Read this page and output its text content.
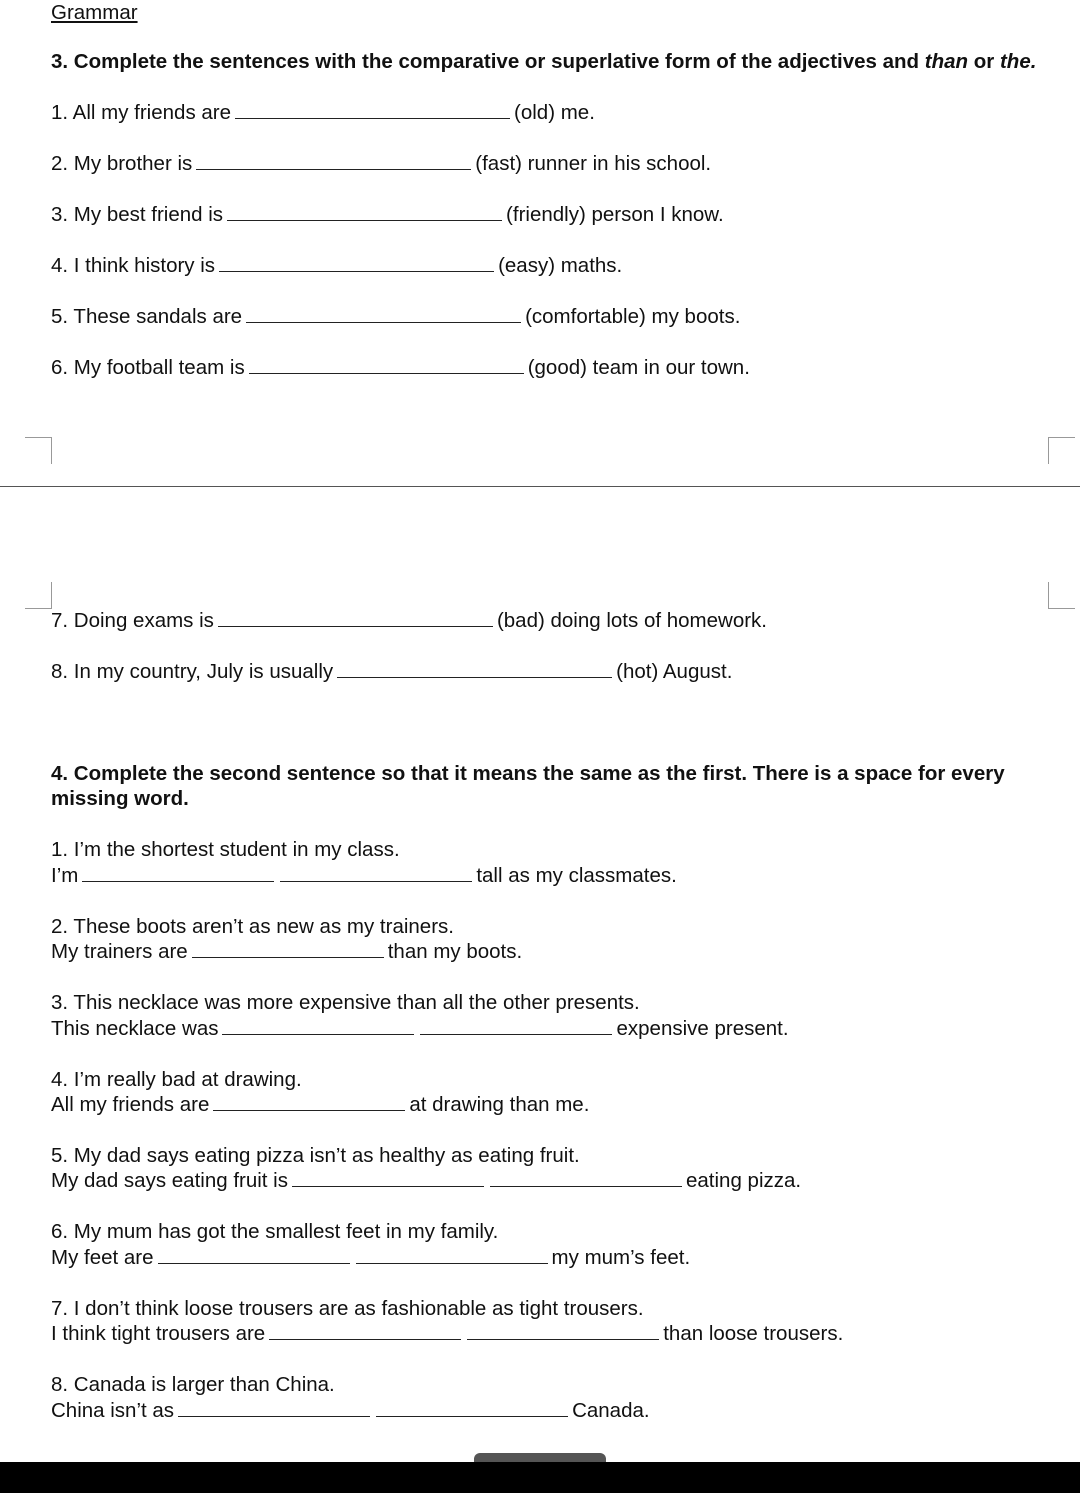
Grammar
3. Complete the sentences with the comparative or superlative form of the adjectives and than or the.
1. All my friends are	(old) me.
2. My brother is	(fast) runner in his school.
3. My best friend is	(friendly) person I know.
4. I think history is	(easy) maths.
5. These sandals are	(comfortable) my boots.
6. My football team is	(good) team in our town.
7. Doing exams is	(bad) doing lots of homework.
8. In my country, July is usually	(hot) August.
4. Complete the second sentence so that it means the same as the first. There is a space for every
missing word.
1. I’m the shortest student in my class.
I’m	tall as my classmates.
2. These boots aren’t as new as my trainers.
My trainers are	than my boots.
3. This necklace was more expensive than all the other presents.
This necklace was	expensive present.
4. I’m really bad at drawing.
All my friends are	at drawing than me.
5. My dad says eating pizza isn’t as healthy as eating fruit.
My dad says eating fruit is	eating pizza.
6. My mum has got the smallest feet in my family.
My feet are	my mum’s feet.
7. I don’t think loose trousers are as fashionable as tight trousers.
I think tight trousers are	than loose trousers.
8. Canada is larger than China.
China isn’t as	Canada.
